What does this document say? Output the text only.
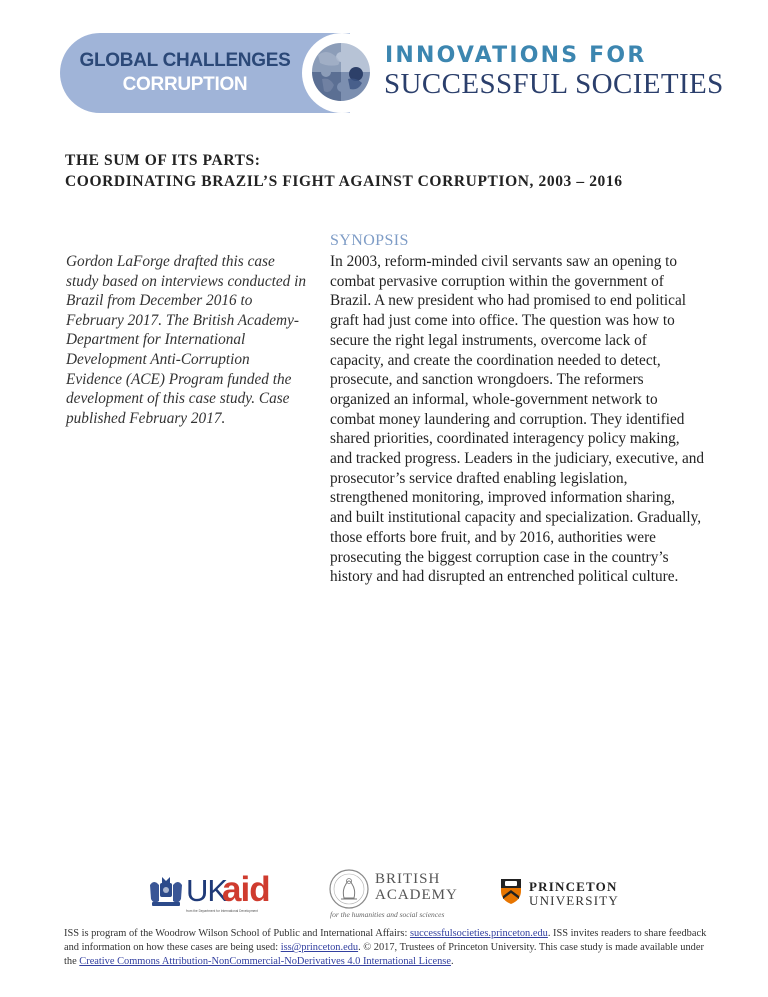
GLOBAL CHALLENGES
CORRUPTION
INNOVATIONS FOR
SUCCESSFUL SOCIETIES
THE SUM OF ITS PARTS:
COORDINATING BRAZIL’S FIGHT AGAINST CORRUPTION, 2003 – 2016
Gordon LaForge drafted this case
study based on interviews conducted in
Brazil from December 2016 to
February 2017. The British Academy-
Department for International
Development Anti-Corruption
Evidence (ACE) Program funded the
development of this case study. Case
published February 2017.
SYNOPSIS
In 2003, reform-minded civil servants saw an opening to
combat pervasive corruption within the government of
Brazil. A new president who had promised to end political
graft had just come into office. The question was how to
secure the right legal instruments, overcome lack of
capacity, and create the coordination needed to detect,
prosecute, and sanction wrongdoers. The reformers
organized an informal, whole-government network to
combat money laundering and corruption. They identified
shared priorities, coordinated interagency policy making,
and tracked progress. Leaders in the judiciary, executive, and
prosecutor’s service drafted enabling legislation,
strengthened monitoring, improved information sharing,
and built institutional capacity and specialization. Gradually,
those efforts bore fruit, and by 2016, authorities were
prosecuting the biggest corruption case in the country’s
history and had disrupted an entrenched political culture.
UK
aid
from the Department for International Development
BRITISH
ACADEMY
for the humanities and social sciences
PRINCETON
UNIVERSITY
ISS is program of the Woodrow Wilson School of Public and International Affairs: successfulsocieties.princeton.edu. ISS invites readers to share feedback and information on how these cases are being used: iss@princeton.edu. © 2017, Trustees of Princeton University. This case study is made available under the Creative Commons Attribution-NonCommercial-NoDerivatives 4.0 International License.
